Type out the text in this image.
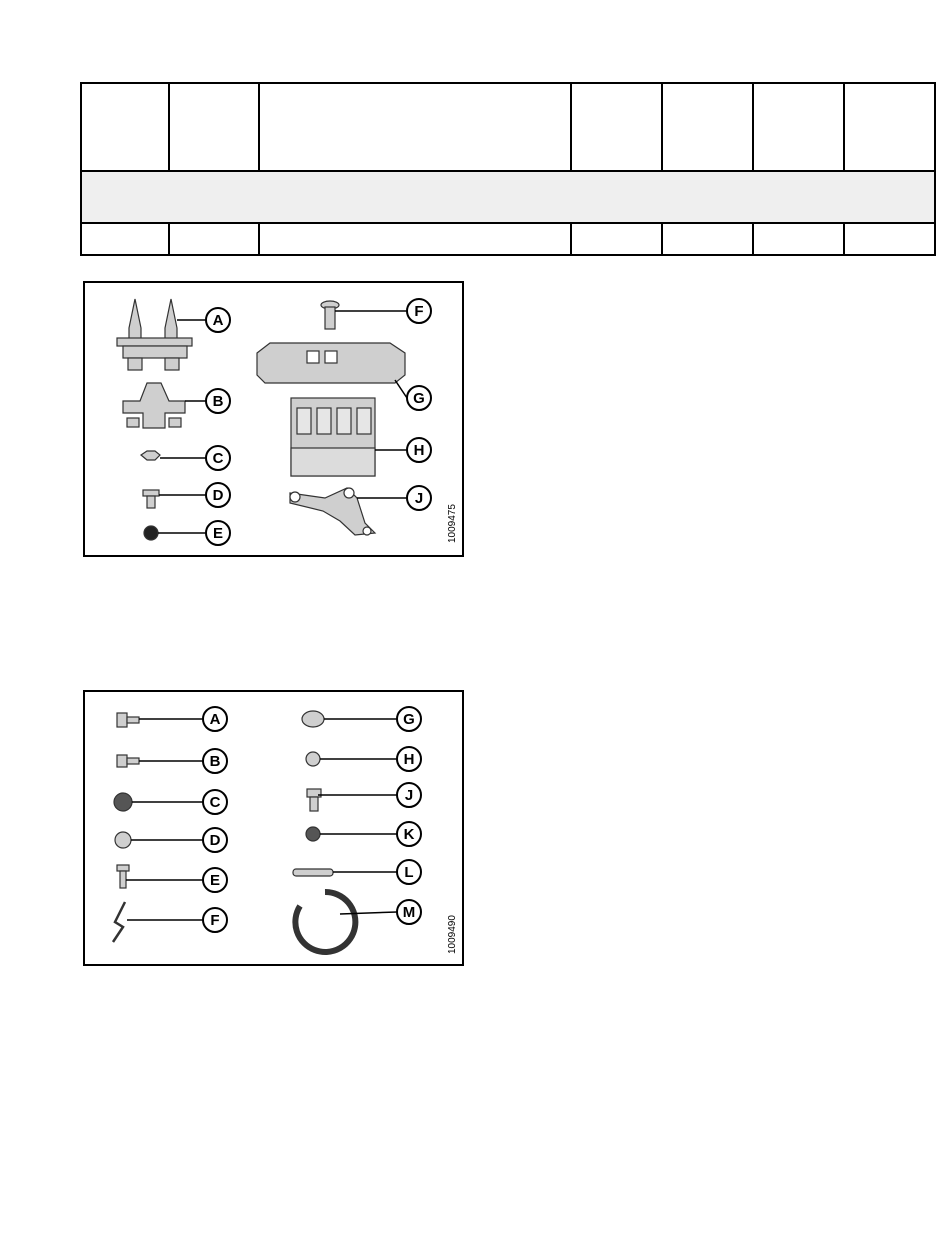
A
B
C
D
E
F
G
H
J
1009475
A
B
C
D
E
F
G
H
J
K
L
M
1009490
